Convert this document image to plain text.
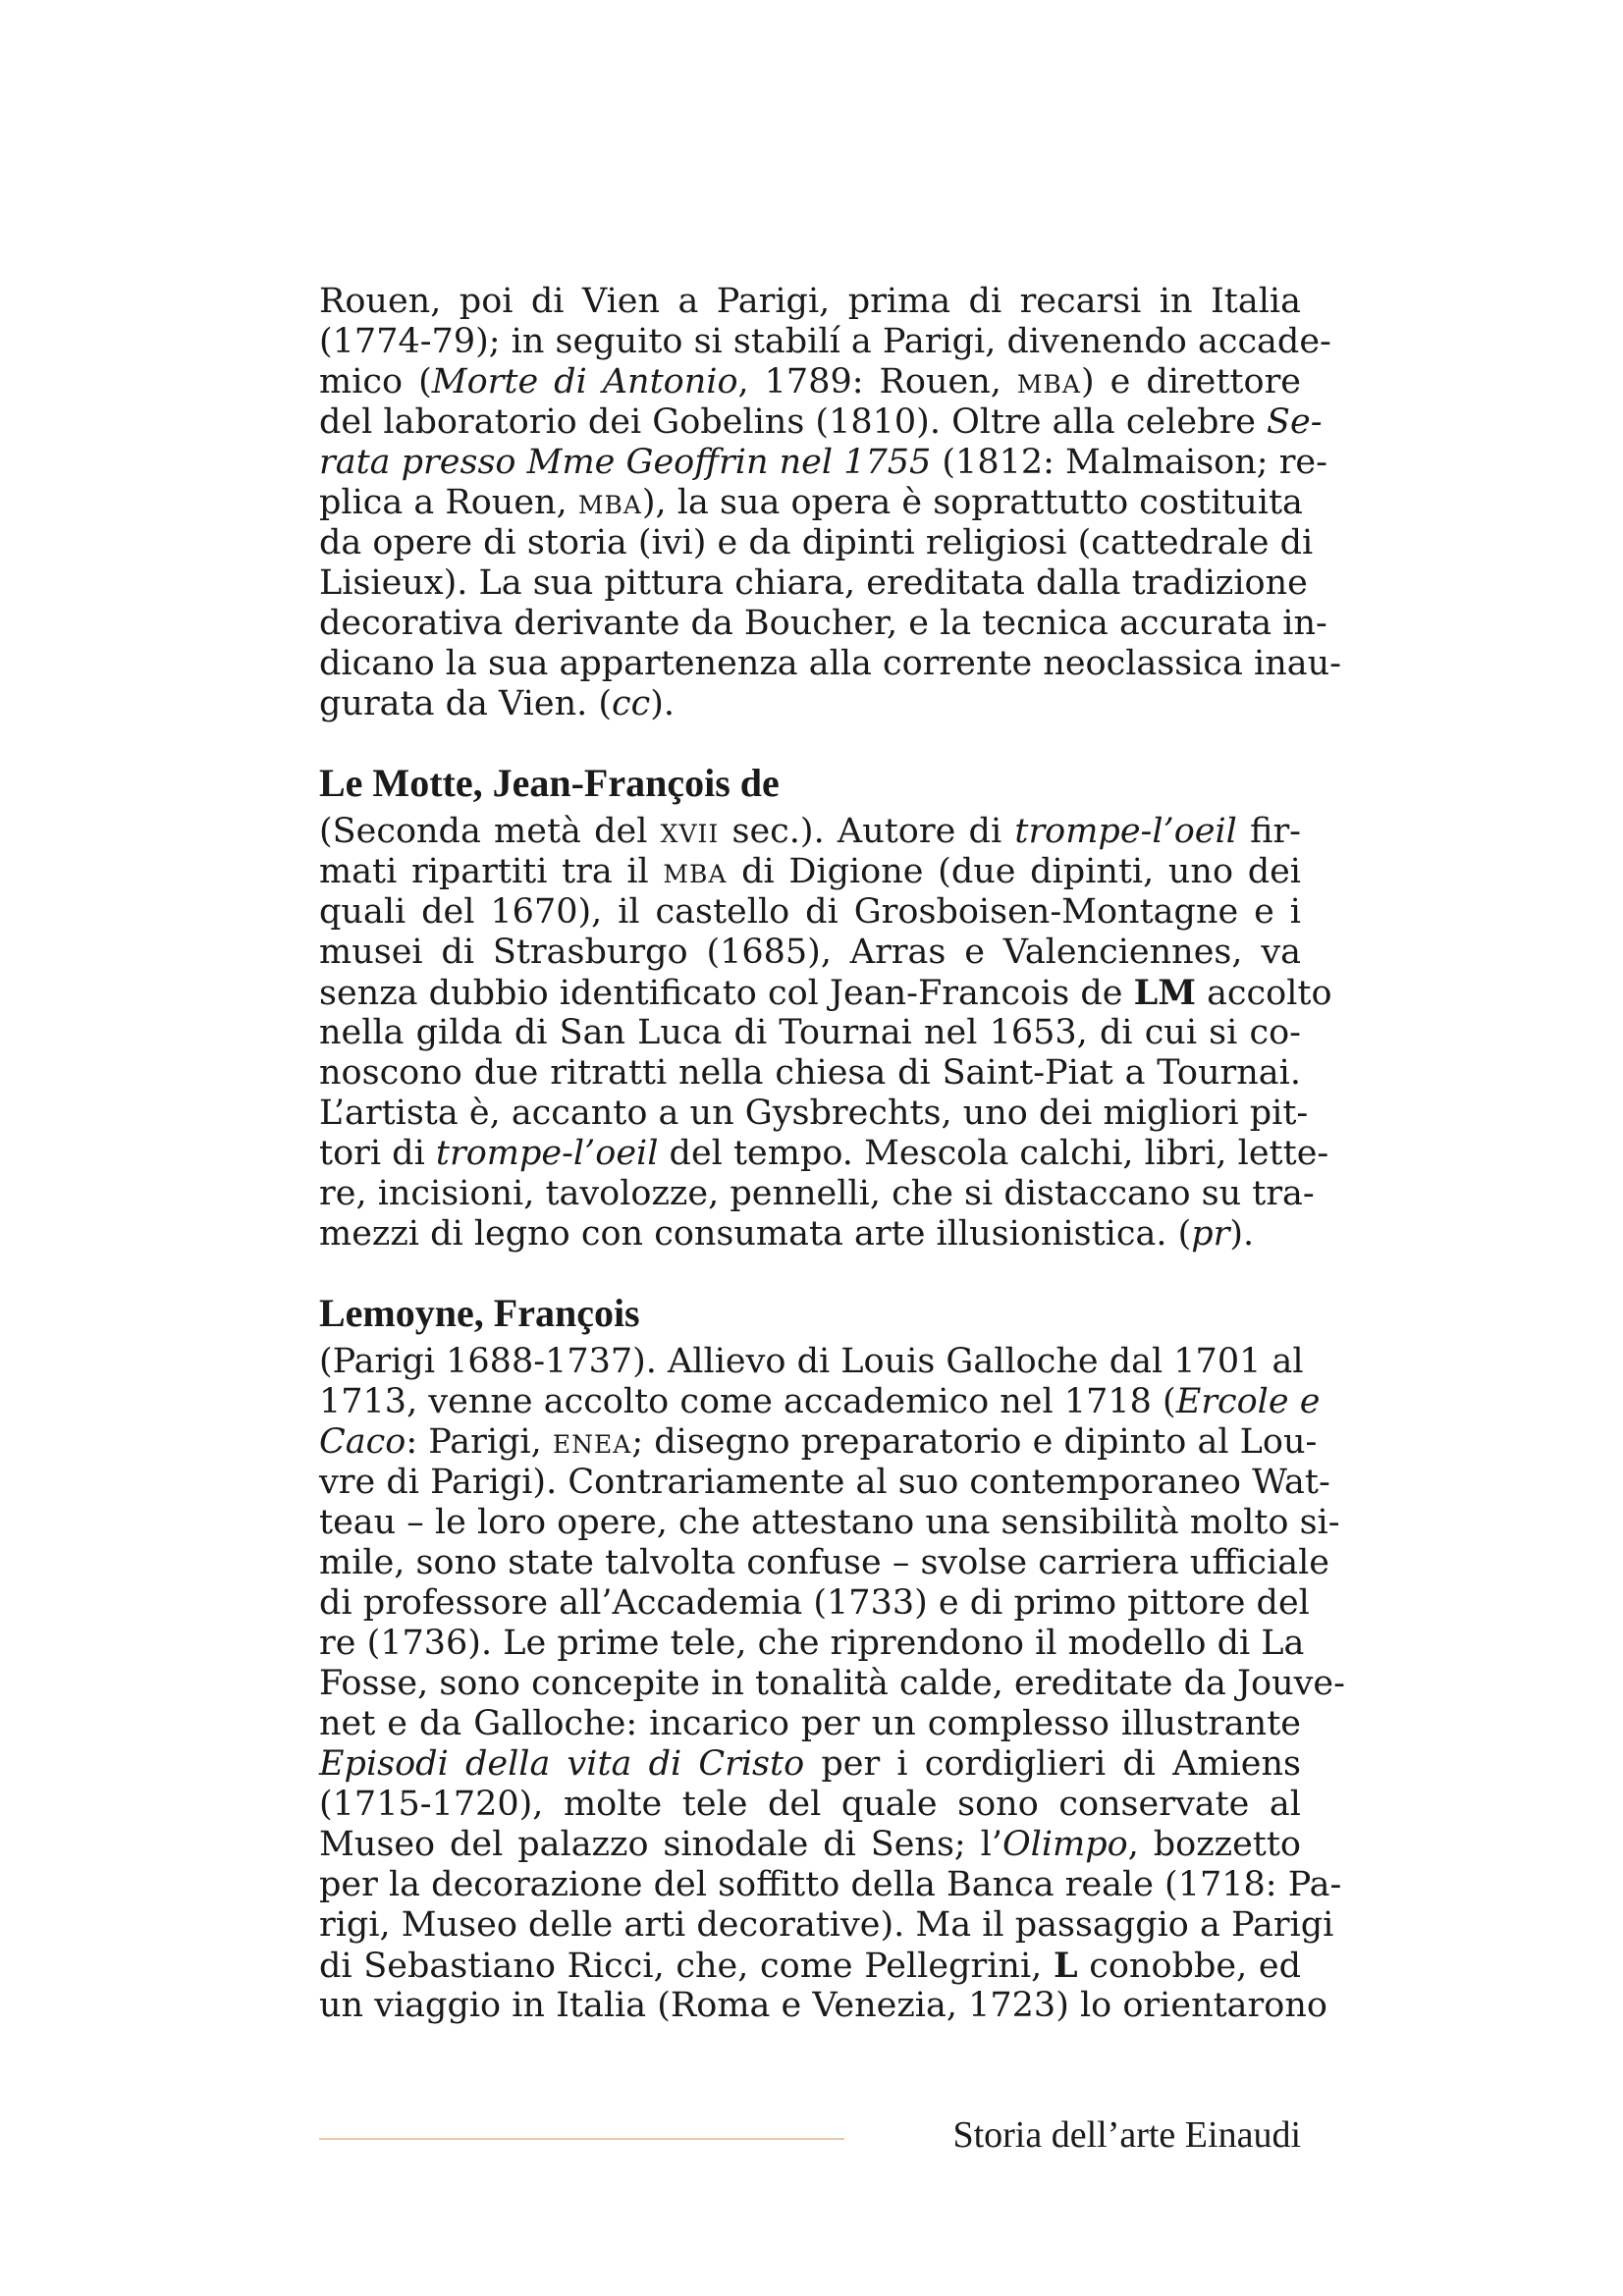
Rouen, poi di Vien a Parigi, prima di recarsi in Italia
(1774-79); in seguito si stabilí a Parigi, divenendo accade-
mico (Morte di Antonio, 1789: Rouen, mba) e direttore
del laboratorio dei Gobelins (1810). Oltre alla celebre Se-
rata presso Mme Geoffrin nel 1755 (1812: Malmaison; re-
plica a Rouen, mba), la sua opera è soprattutto costituita
da opere di storia (ivi) e da dipinti religiosi (cattedrale di
Lisieux). La sua pittura chiara, ereditata dalla tradizione
decorativa derivante da Boucher, e la tecnica accurata in-
dicano la sua appartenenza alla corrente neoclassica inau-
gurata da Vien. (cc).
Le Motte, Jean-François de
(Seconda metà del xvii sec.). Autore di trompe-l’oeil fir-
mati ripartiti tra il mba di Digione (due dipinti, uno dei
quali del 1670), il castello di Grosboisen-Montagne e i
musei di Strasburgo (1685), Arras e Valenciennes, va
senza dubbio identificato col Jean-Francois de LM accolto
nella gilda di San Luca di Tournai nel 1653, di cui si co-
noscono due ritratti nella chiesa di Saint-Piat a Tournai.
L’artista è, accanto a un Gysbrechts, uno dei migliori pit-
tori di trompe-l’oeil del tempo. Mescola calchi, libri, lette-
re, incisioni, tavolozze, pennelli, che si distaccano su tra-
mezzi di legno con consumata arte illusionistica. (pr).
Lemoyne, François
(Parigi 1688-1737). Allievo di Louis Galloche dal 1701 al
1713, venne accolto come accademico nel 1718 (Ercole e
Caco: Parigi, enea; disegno preparatorio e dipinto al Lou-
vre di Parigi). Contrariamente al suo contemporaneo Wat-
teau – le loro opere, che attestano una sensibilità molto si-
mile, sono state talvolta confuse – svolse carriera ufficiale
di professore all’Accademia (1733) e di primo pittore del
re (1736). Le prime tele, che riprendono il modello di La
Fosse, sono concepite in tonalità calde, ereditate da Jouve-
net e da Galloche: incarico per un complesso illustrante
Episodi della vita di Cristo per i cordiglieri di Amiens
(1715-1720), molte tele del quale sono conservate al
Museo del palazzo sinodale di Sens; l’Olimpo, bozzetto
per la decorazione del soffitto della Banca reale (1718: Pa-
rigi, Museo delle arti decorative). Ma il passaggio a Parigi
di Sebastiano Ricci, che, come Pellegrini, L conobbe, ed
un viaggio in Italia (Roma e Venezia, 1723) lo orientarono
Storia dell’arte Einaudi
